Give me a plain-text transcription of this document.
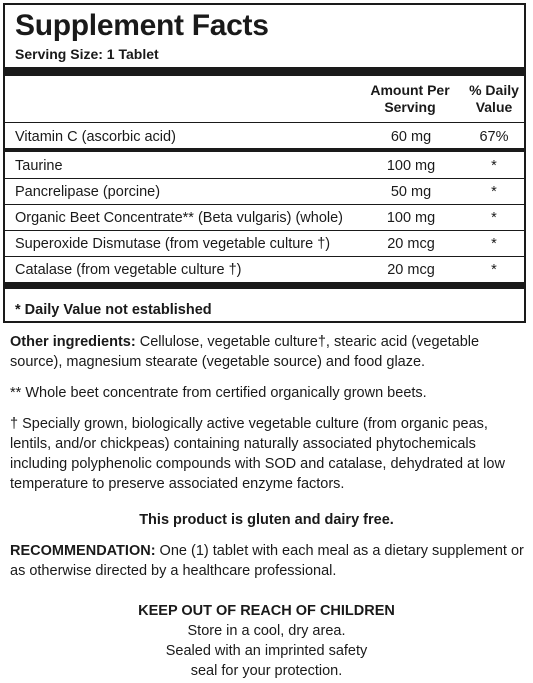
Supplement Facts
Serving Size: 1 Tablet
Amount Per Serving
% Daily Value
Vitamin C (ascorbic acid)	60 mg	67%
Taurine	100 mg	*
Pancrelipase (porcine)	50 mg	*
Organic Beet Concentrate** (Beta vulgaris) (whole)	100 mg	*
Superoxide Dismutase (from vegetable culture †)	20 mcg	*
Catalase (from vegetable culture †)	20 mcg	*
* Daily Value not established

Other ingredients: Cellulose, vegetable culture†, stearic acid (vegetable source), magnesium stearate (vegetable source) and food glaze.

** Whole beet concentrate from certified organically grown beets.

† Specially grown, biologically active vegetable culture (from organic peas, lentils, and/or chickpeas) containing naturally associated phytochemicals including polyphenolic compounds with SOD and catalase, dehydrated at low temperature to preserve associated enzyme factors.

This product is gluten and dairy free.

RECOMMENDATION: One (1) tablet with each meal as a dietary supplement or as otherwise directed by a healthcare professional.

KEEP OUT OF REACH OF CHILDREN
Store in a cool, dry area.
Sealed with an imprinted safety
seal for your protection.
